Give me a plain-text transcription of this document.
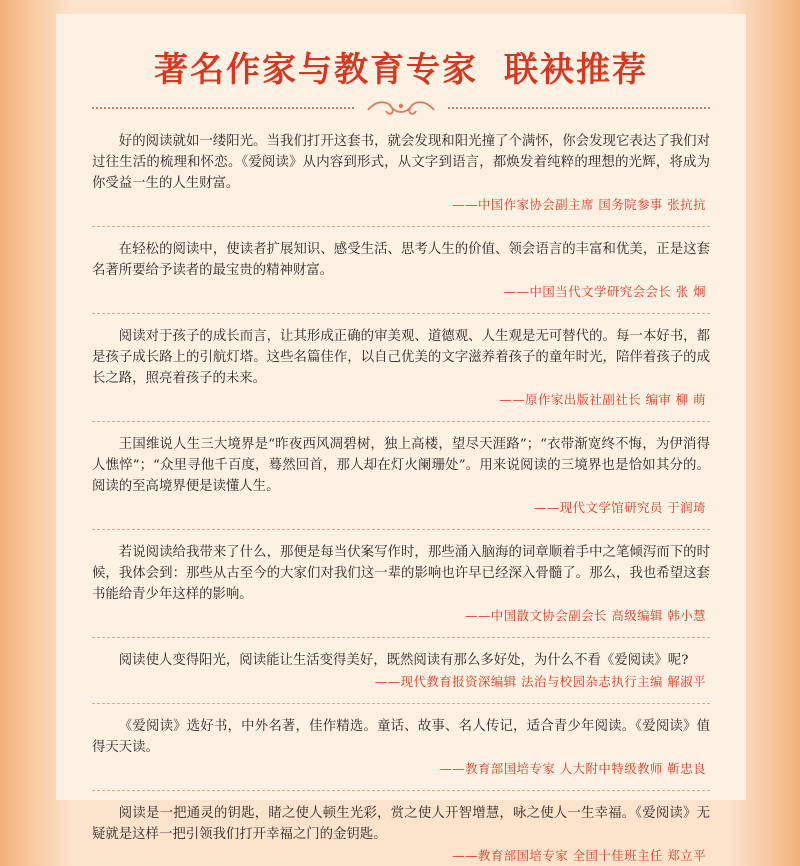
著名作家与教育专家 联袂推荐

好的阅读就如一缕阳光。当我们打开这套书，就会发现和阳光撞了个满怀，你会发现它表达了我们对过往生活的梳理和怀恋。《爱阅读》从内容到形式，从文字到语言，都焕发着纯粹的理想的光辉，将成为你受益一生的人生财富。

——中国作家协会副主席 国务院参事 张抗抗

在轻松的阅读中，使读者扩展知识、感受生活、思考人生的价值、领会语言的丰富和优美，正是这套名著所要给予读者的最宝贵的精神财富。

——中国当代文学研究会会长 张 炯

阅读对于孩子的成长而言，让其形成正确的审美观、道德观、人生观是无可替代的。每一本好书，都是孩子成长路上的引航灯塔。这些名篇佳作，以自己优美的文字滋养着孩子的童年时光，陪伴着孩子的成长之路，照亮着孩子的未来。

——原作家出版社副社长 编审 柳 萌

王国维说人生三大境界是“昨夜西风凋碧树，独上高楼，望尽天涯路”；“衣带渐宽终不悔，为伊消得人憔悴”；“众里寻他千百度，蓦然回首，那人却在灯火阑珊处”。用来说阅读的三境界也是恰如其分的。阅读的至高境界便是读懂人生。

——现代文学馆研究员 于润琦

若说阅读给我带来了什么，那便是每当伏案写作时，那些涌入脑海的词章顺着手中之笔倾泻而下的时候，我体会到：那些从古至今的大家们对我们这一辈的影响也许早已经深入骨髓了。那么，我也希望这套书能给青少年这样的影响。

——中国散文协会副会长 高级编辑 韩小慧

阅读使人变得阳光，阅读能让生活变得美好，既然阅读有那么多好处，为什么不看《爱阅读》呢?

——现代教育报资深编辑 法治与校园杂志执行主编 解淑平

《爱阅读》选好书，中外名著，佳作精选。童话、故事、名人传记，适合青少年阅读。《爱阅读》值得天天读。

——教育部国培专家 人大附中特级教师 靳忠良

阅读是一把通灵的钥匙，睹之使人顿生光彩，赏之使人开智增慧，咏之使人一生幸福。《爱阅读》无疑就是这样一把引领我们打开幸福之门的金钥匙。

——教育部国培专家 全国十佳班主任 郑立平
